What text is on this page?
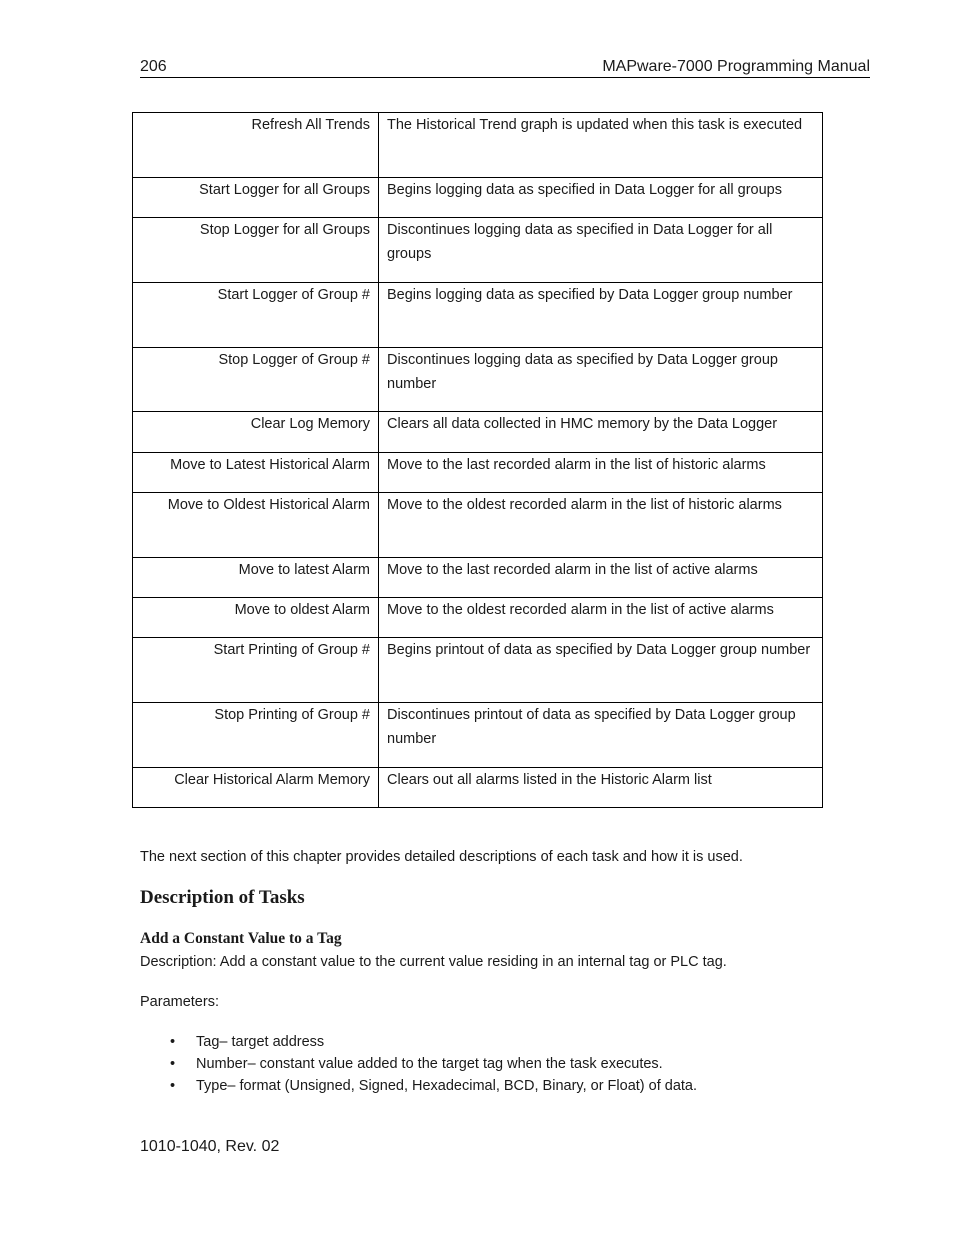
206	MAPware-7000 Programming Manual
Refresh All Trends	The Historical Trend graph is updated when this task is executed
Start Logger for all Groups	Begins logging data as specified in Data Logger for all groups
Stop Logger for all Groups	Discontinues logging data as specified in Data Logger for all groups
Start Logger of Group #	Begins logging data as specified by Data Logger group number
Stop Logger of Group #	Discontinues logging data as specified by Data Logger group number
Clear Log Memory	Clears all data collected in HMC memory by the Data Logger
Move to Latest Historical Alarm	Move to the last recorded alarm in the list of historic alarms
Move to Oldest Historical Alarm	Move to the oldest recorded alarm in the list of historic alarms
Move to latest Alarm	Move to the last recorded alarm in the list of active alarms
Move to oldest Alarm	Move to the oldest recorded alarm in the list of active alarms
Start Printing of Group #	Begins printout of data as specified by Data Logger group number
Stop Printing of Group #	Discontinues printout of data as specified by Data Logger group number
Clear Historical Alarm Memory	Clears out all alarms listed in the Historic Alarm list
The next section of this chapter provides detailed descriptions of each task and how it is used.
Description of Tasks
Add a Constant Value to a Tag
Description: Add a constant value to the current value residing in an internal tag or PLC tag.
Parameters:
• Tag– target address
• Number– constant value added to the target tag when the task executes.
• Type– format (Unsigned, Signed, Hexadecimal, BCD, Binary, or Float) of data.
1010-1040, Rev. 02
